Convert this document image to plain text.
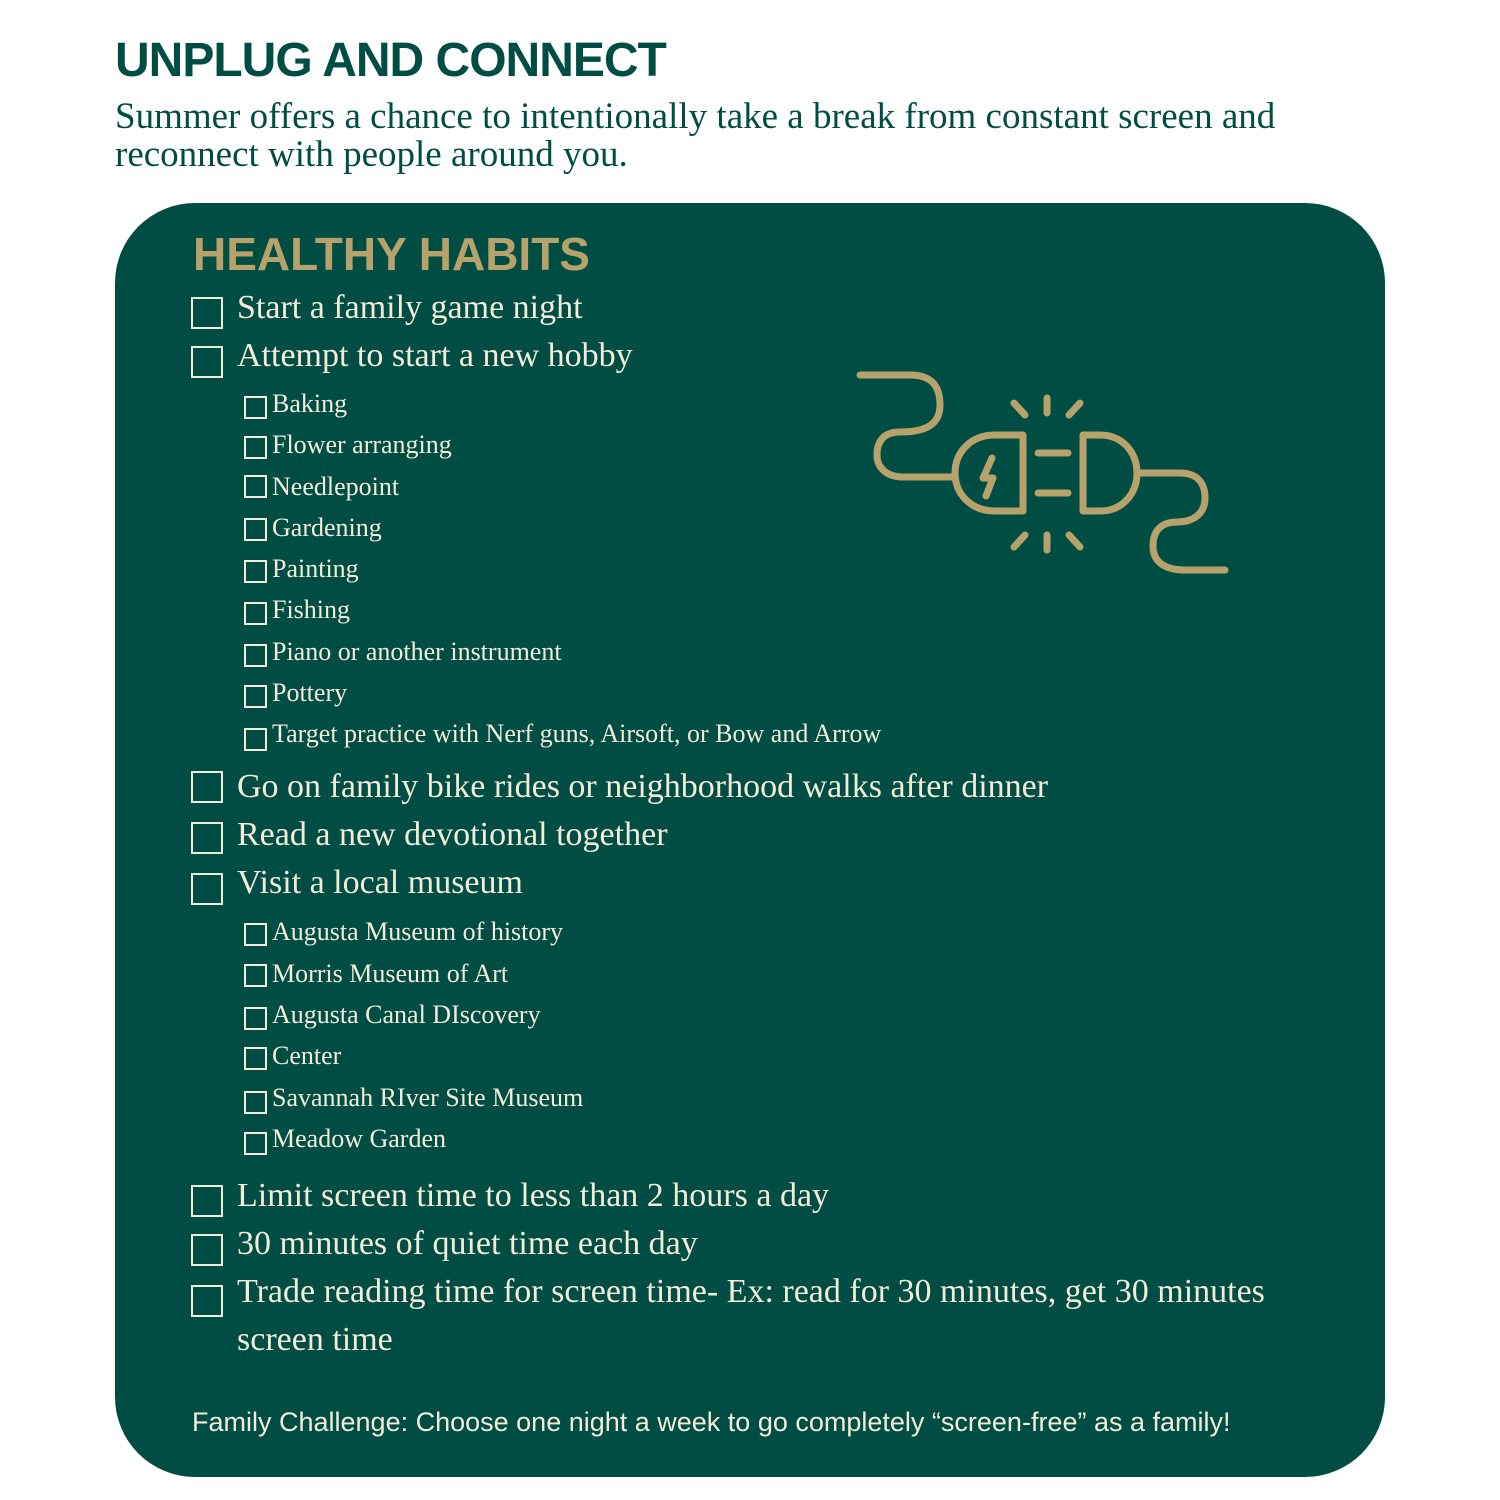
UNPLUG AND CONNECT

Summer offers a chance to intentionally take a break from constant screen and reconnect with people around you.

HEALTHY HABITS
Start a family game night
Attempt to start a new hobby
Baking
Flower arranging
Needlepoint
Gardening
Painting
Fishing
Piano or another instrument
Pottery
Target practice with Nerf guns, Airsoft, or Bow and Arrow
Go on family bike rides or neighborhood walks after dinner
Read a new devotional together
Visit a local museum
Augusta Museum of history
Morris Museum of Art
Augusta Canal DIscovery
Center
Savannah RIver Site Museum
Meadow Garden
Limit screen time to less than 2 hours a day
30 minutes of quiet time each day
Trade reading time for screen time- Ex: read for 30 minutes, get 30 minutes screen time

Family Challenge: Choose one night a week to go completely “screen-free” as a family!
